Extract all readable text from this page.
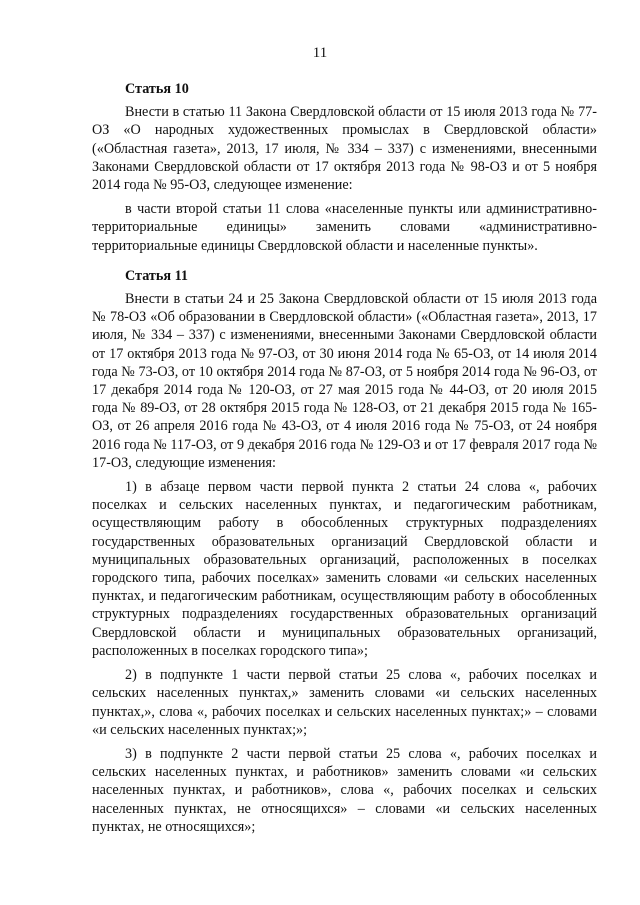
11

Статья 10

Внести в статью 11 Закона Свердловской области от 15 июля 2013 года № 77-ОЗ «О народных художественных промыслах в Свердловской области» («Областная газета», 2013, 17 июля, № 334 – 337) с изменениями, внесенными Законами Свердловской области от 17 октября 2013 года № 98-ОЗ и от 5 ноября 2014 года № 95-ОЗ, следующее изменение:

в части второй статьи 11 слова «населенные пункты или административно-территориальные единицы» заменить словами «административно-территориальные единицы Свердловской области и населенные пункты».

Статья 11

Внести в статьи 24 и 25 Закона Свердловской области от 15 июля 2013 года № 78-ОЗ «Об образовании в Свердловской области» («Областная газета», 2013, 17 июля, № 334 – 337) с изменениями, внесенными Законами Свердловской области от 17 октября 2013 года № 97-ОЗ, от 30 июня 2014 года № 65-ОЗ, от 14 июля 2014 года № 73-ОЗ, от 10 октября 2014 года № 87-ОЗ, от 5 ноября 2014 года № 96-ОЗ, от 17 декабря 2014 года № 120-ОЗ, от 27 мая 2015 года № 44-ОЗ, от 20 июля 2015 года № 89-ОЗ, от 28 октября 2015 года № 128-ОЗ, от 21 декабря 2015 года № 165-ОЗ, от 26 апреля 2016 года № 43-ОЗ, от 4 июля 2016 года № 75-ОЗ, от 24 ноября 2016 года № 117-ОЗ, от 9 декабря 2016 года № 129-ОЗ и от 17 февраля 2017 года № 17-ОЗ, следующие изменения:

1) в абзаце первом части первой пункта 2 статьи 24 слова «, рабочих поселках и сельских населенных пунктах, и педагогическим работникам, осуществляющим работу в обособленных структурных подразделениях государственных образовательных организаций Свердловской области и муниципальных образовательных организаций, расположенных в поселках городского типа, рабочих поселках» заменить словами «и сельских населенных пунктах, и педагогическим работникам, осуществляющим работу в обособленных структурных подразделениях государственных образовательных организаций Свердловской области и муниципальных образовательных организаций, расположенных в поселках городского типа»;

2) в подпункте 1 части первой статьи 25 слова «, рабочих поселках и сельских населенных пунктах,» заменить словами «и сельских населенных пунктах,», слова «, рабочих поселках и сельских населенных пунктах;» – словами «и сельских населенных пунктах;»;

3) в подпункте 2 части первой статьи 25 слова «, рабочих поселках и сельских населенных пунктах, и работников» заменить словами «и сельских населенных пунктах, и работников», слова «, рабочих поселках и сельских населенных пунктах, не относящихся» – словами «и сельских населенных пунктах, не относящихся»;
